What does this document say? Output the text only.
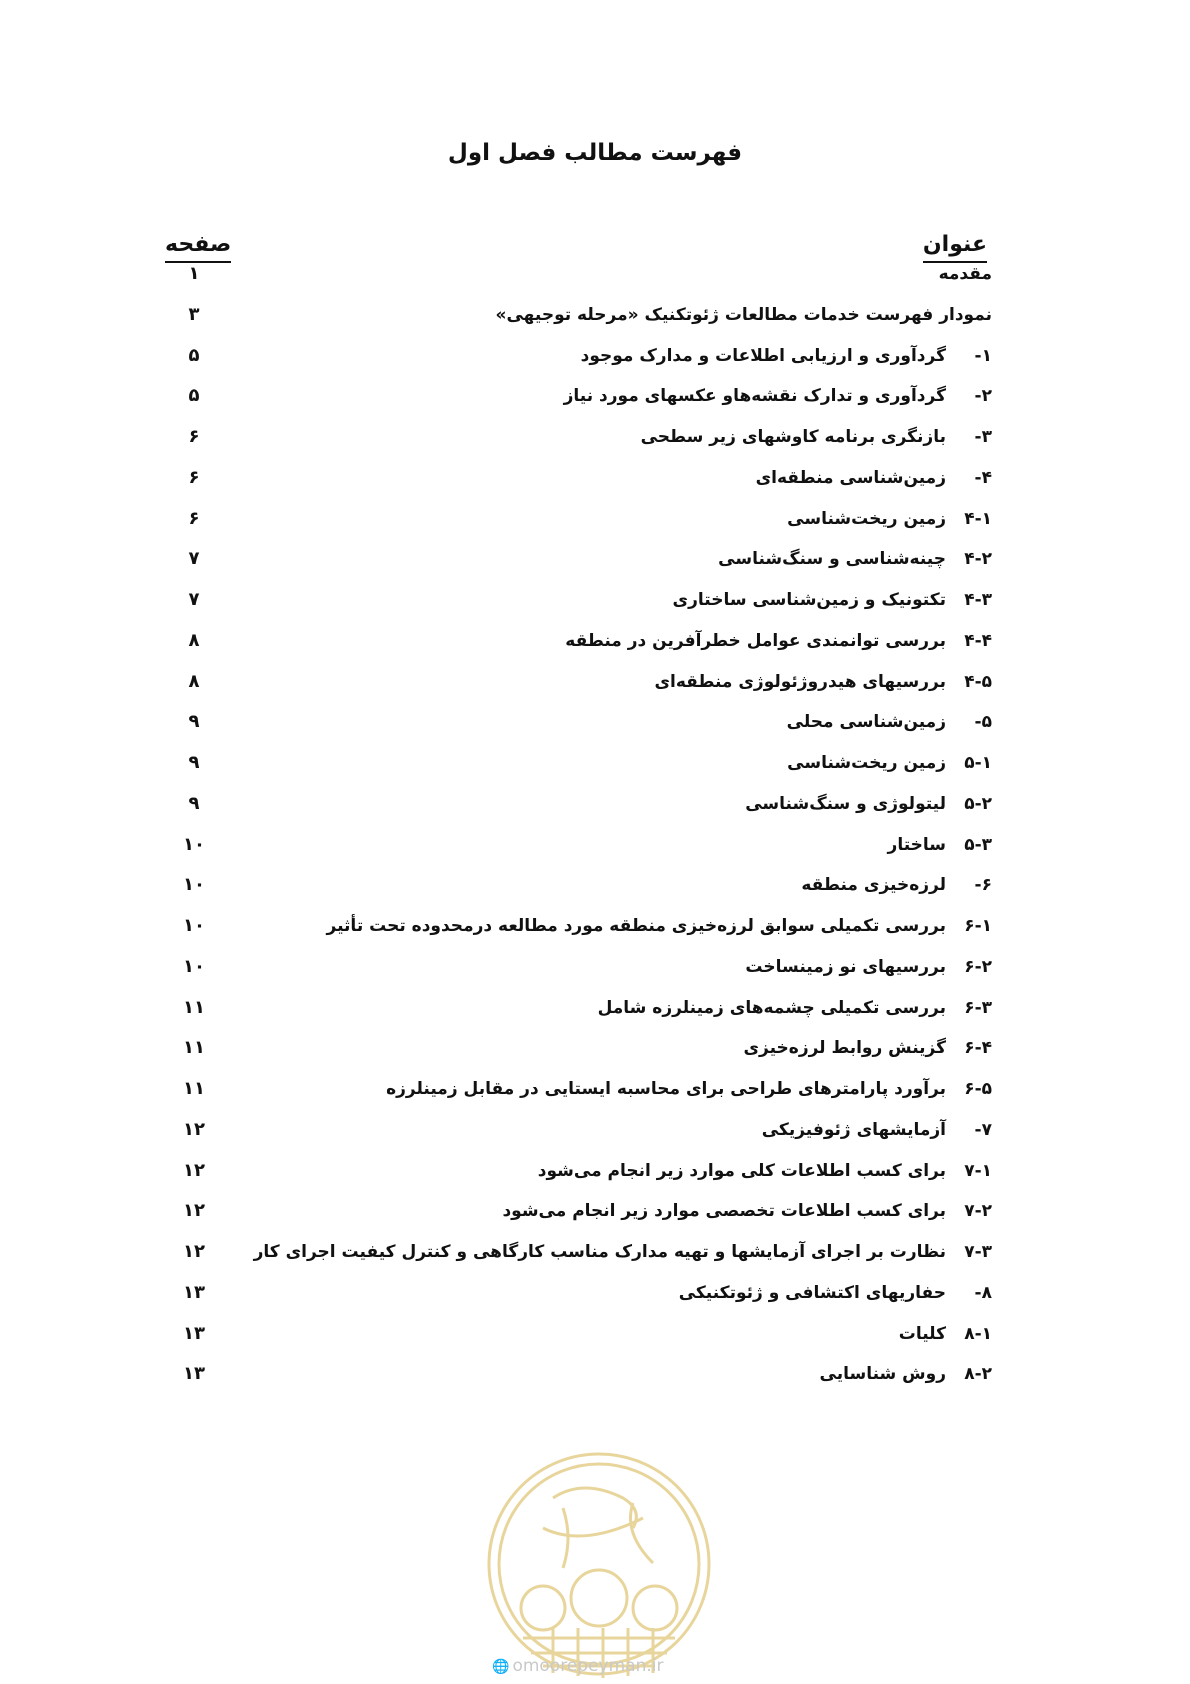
فهرست مطالب فصل اول
عنوان
صفحه
مقدمه
۱
نمودار فهرست خدمات مطالعات ژئوتکنیک «مرحله توجیهی»
۳
۱-گردآوری و ارزیابی اطلاعات و مدارک موجود
۵
۲-گردآوری و تدارک نقشه‌هاو عکسهای مورد نیاز
۵
۳-بازنگری برنامه کاوشهای زیر سطحی
۶
۴-زمین‌شناسی منطقه‌ای
۶
۴-۱زمین ریخت‌شناسی
۶
۴-۲چینه‌شناسی و سنگ‌شناسی
۷
۴-۳تکتونیک و زمین‌شناسی ساختاری
۷
۴-۴بررسی توانمندی عوامل خطرآفرین در منطقه
۸
۴-۵بررسیهای هیدروژئولوژی منطقه‌ای
۸
۵-زمین‌شناسی محلی
۹
۵-۱زمین ریخت‌شناسی
۹
۵-۲لیتولوژی و سنگ‌شناسی
۹
۵-۳ساختار
۱۰
۶-لرزه‌خیزی منطقه
۱۰
۶-۱بررسی تکمیلی سوابق لرزه‌خیزی منطقه مورد مطالعه درمحدوده تحت تأثیر
۱۰
۶-۲بررسیهای نو زمینساخت
۱۰
۶-۳بررسی تکمیلی چشمه‌های زمینلرزه شامل
۱۱
۶-۴گزینش روابط لرزه‌خیزی
۱۱
۶-۵برآورد پارامترهای طراحی برای محاسبه ایستایی در مقابل زمینلرزه
۱۱
۷-آزمایشهای ژئوفیزیکی
۱۲
۷-۱برای کسب اطلاعات کلی موارد زیر انجام می‌شود
۱۲
۷-۲برای کسب اطلاعات تخصصی موارد زیر انجام می‌شود
۱۲
۷-۳نظارت بر اجرای آزمایشها و تهیه مدارک مناسب کارگاهی و کنترل کیفیت اجرای کار
۱۲
۸-حفاریهای اکتشافی و ژئوتکنیکی
۱۳
۸-۱کلیات
۱۳
۸-۲روش شناسایی
۱۳
🌐 omoorepeyman.ir
